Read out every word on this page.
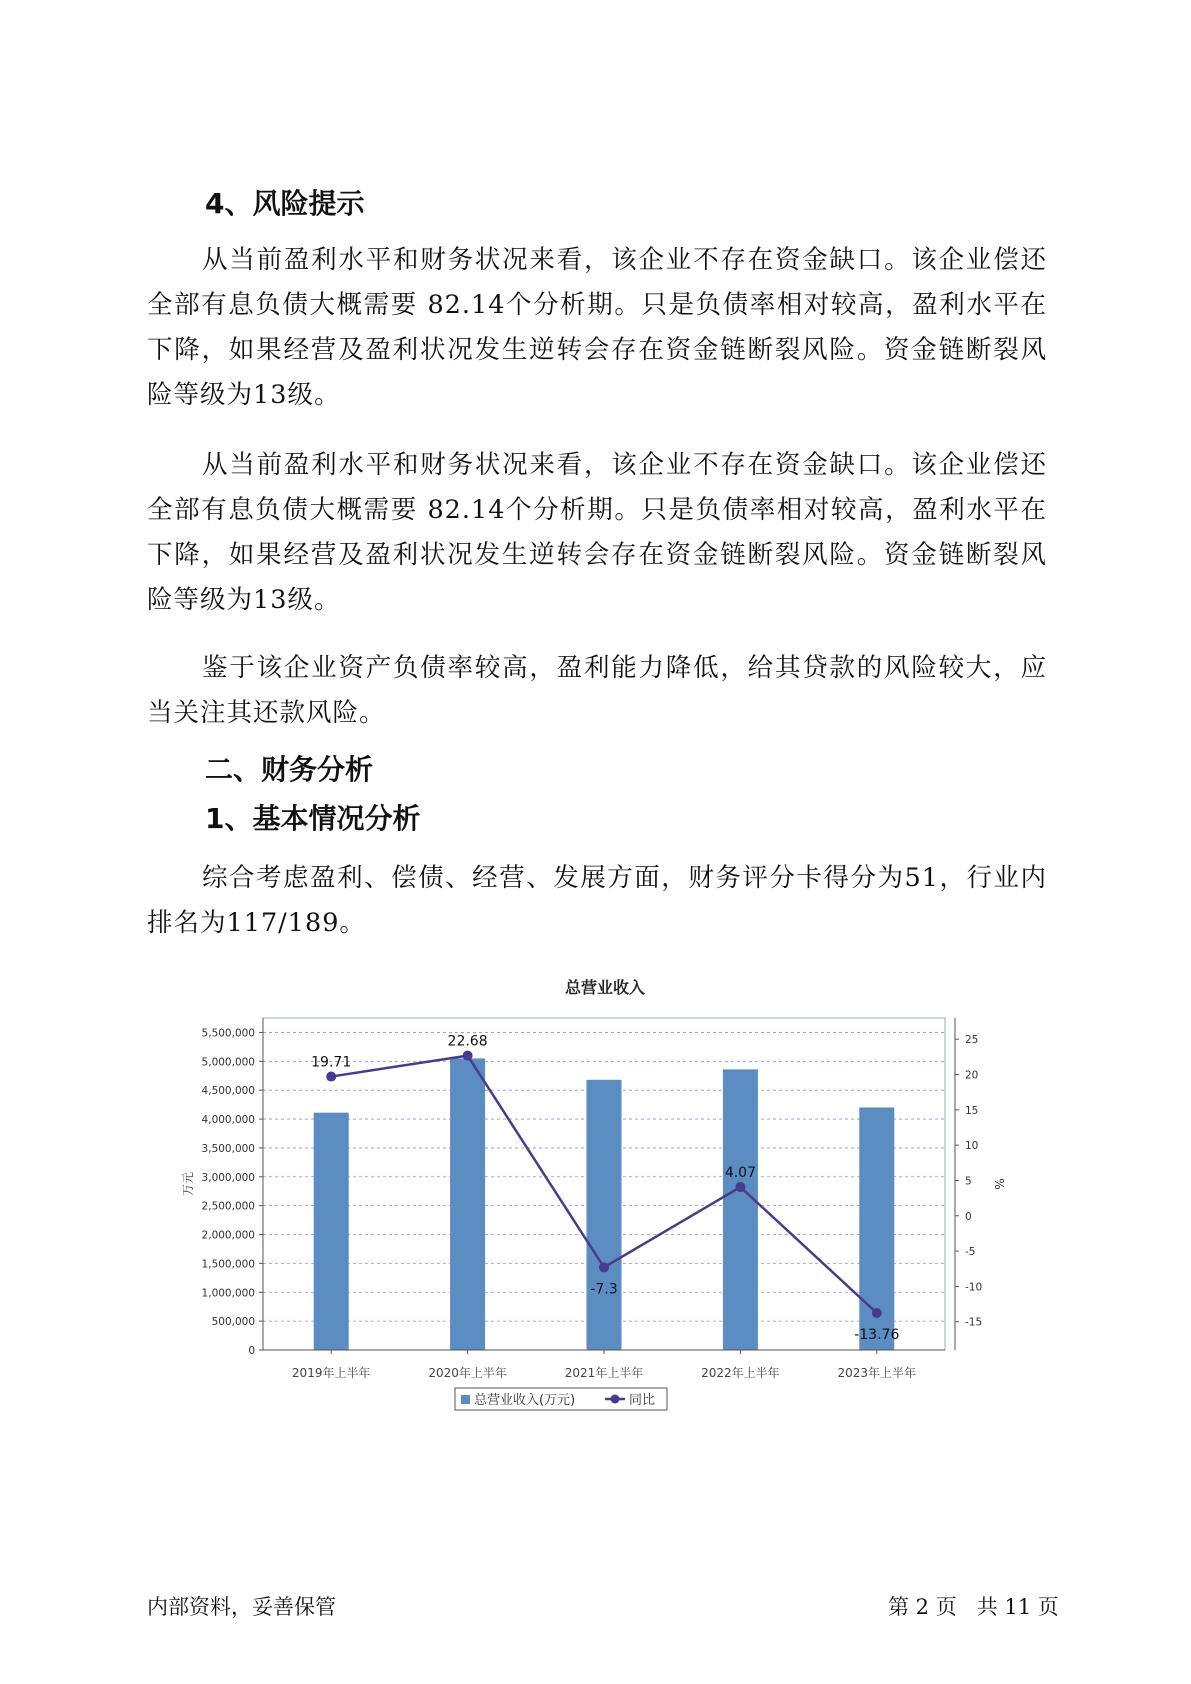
4、风险提示

从当前盈利水平和财务状况来看，该企业不存在资金缺口。该企业偿还全部有息负债大概需要 82.14个分析期。只是负债率相对较高，盈利水平在下降，如果经营及盈利状况发生逆转会存在资金链断裂风险。资金链断裂风险等级为13级。

从当前盈利水平和财务状况来看，该企业不存在资金缺口。该企业偿还全部有息负债大概需要 82.14个分析期。只是负债率相对较高，盈利水平在下降，如果经营及盈利状况发生逆转会存在资金链断裂风险。资金链断裂风险等级为13级。

鉴于该企业资产负债率较高，盈利能力降低，给其贷款的风险较大，应当关注其还款风险。

二、财务分析
1、基本情况分析

综合考虑盈利、偿债、经营、发展方面，财务评分卡得分为51，行业内排名为117/189。

总营业收入
0
500,000
1,000,000
1,500,000
2,000,000
2,500,000
3,000,000
3,500,000
4,000,000
4,500,000
5,000,000
5,500,000
-15
-10
-5
0
5
10
15
20
25
万元	%
2019年上半年	2020年上半年	2021年上半年	2022年上半年	2023年上半年
19.71
22.68
-7.3
4.07
-13.76
总营业收入(万元)	同比
内部资料，妥善保管	第 2 页   共 11 页
